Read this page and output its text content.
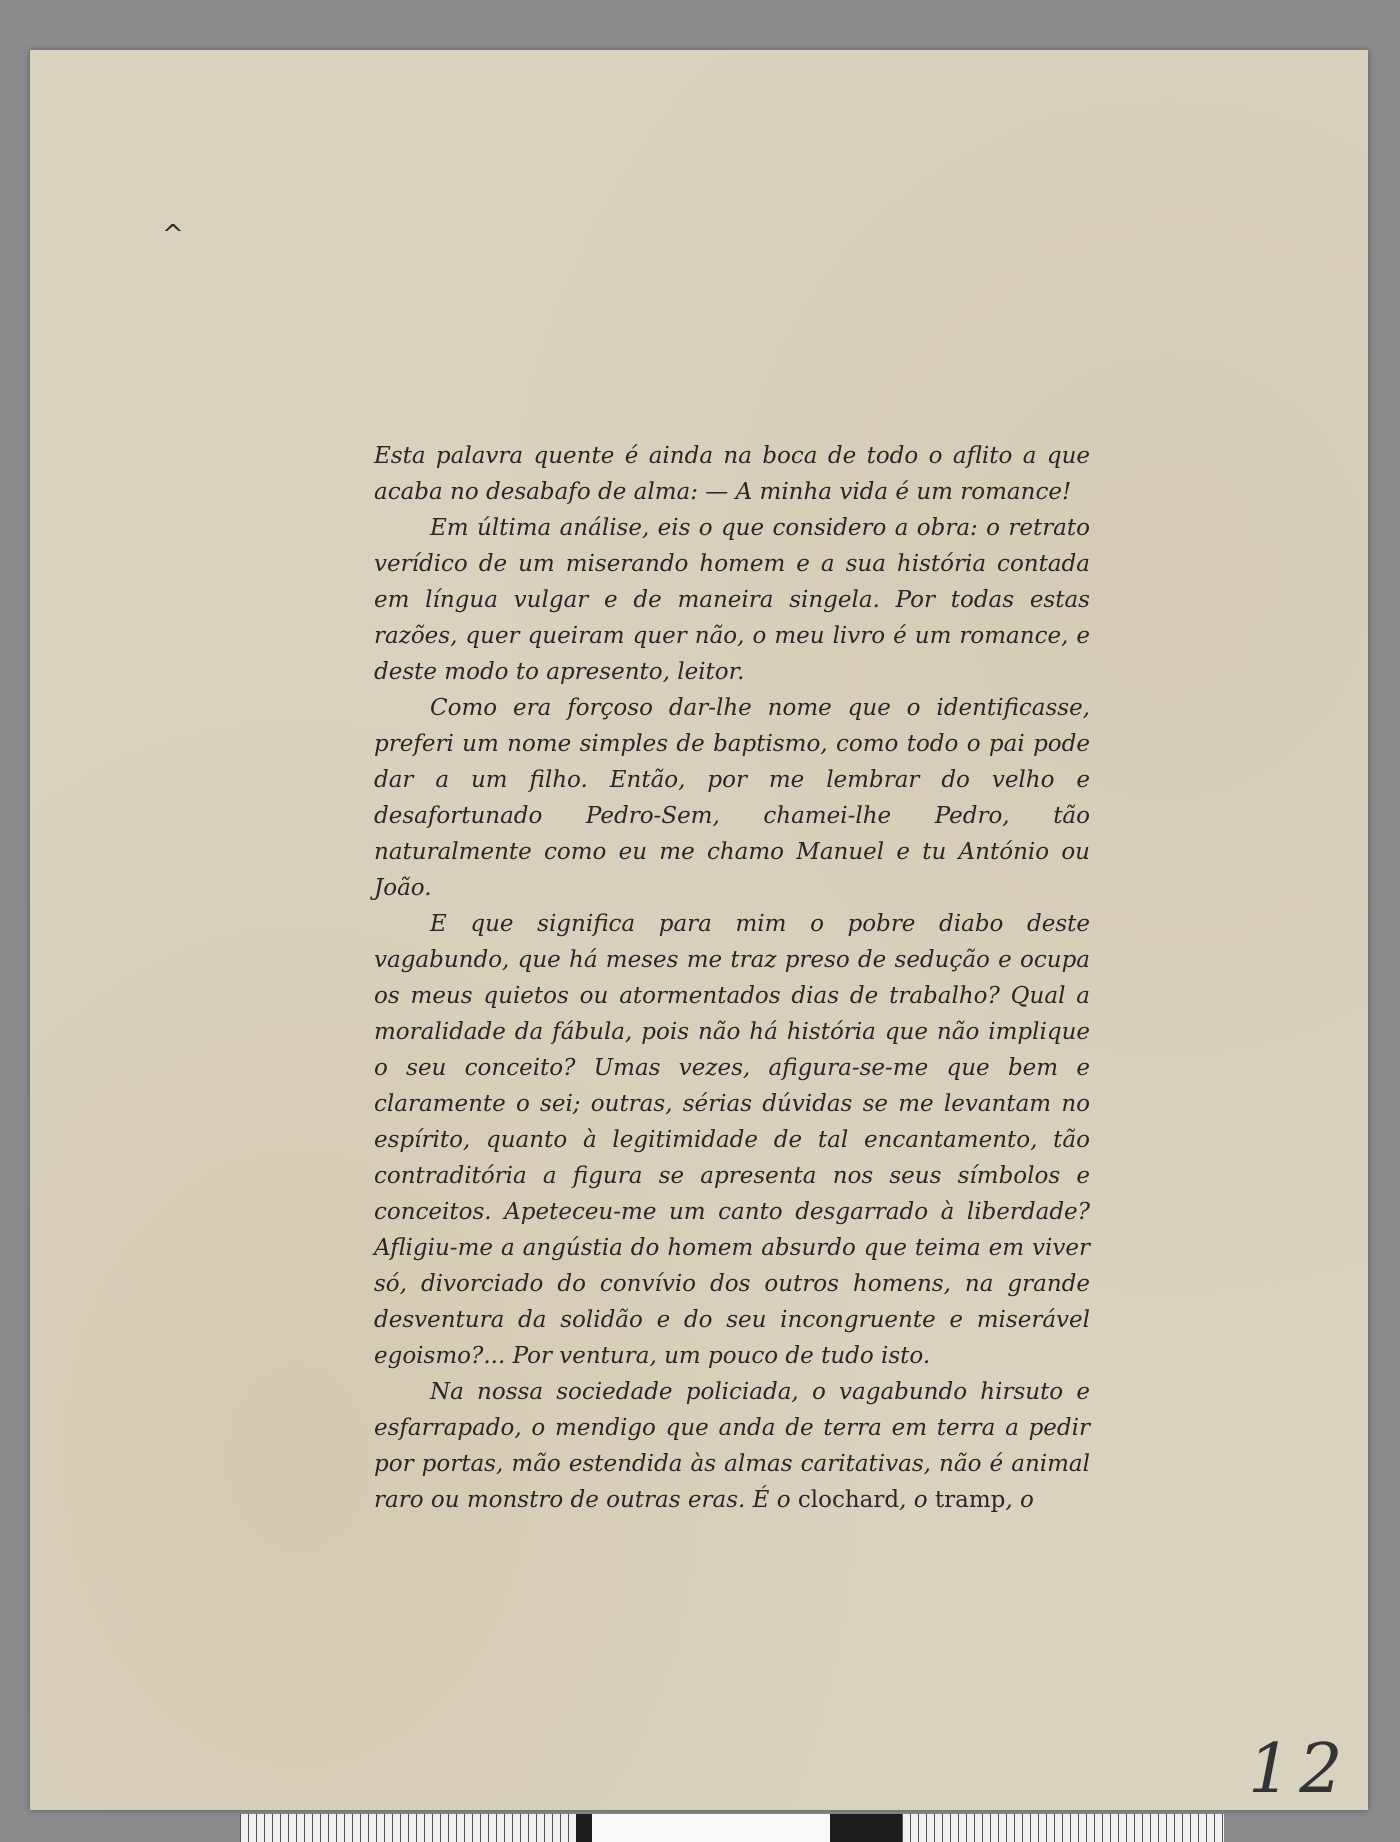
^

Esta palavra quente é ainda na boca de todo o aflito a que acaba no desabafo de alma: — A minha vida é um romance!

Em última análise, eis o que considero a obra: o retrato verídico de um miserando homem e a sua história contada em língua vulgar e de maneira singela. Por todas estas razões, quer queiram quer não, o meu livro é um romance, e deste modo to apresento, leitor.

Como era forçoso dar-lhe nome que o identificasse, preferi um nome simples de baptismo, como todo o pai pode dar a um filho. Então, por me lembrar do velho e desafortunado Pedro-Sem, chamei-lhe Pedro, tão naturalmente como eu me chamo Manuel e tu António ou João.

E que significa para mim o pobre diabo deste vagabundo, que há meses me traz preso de sedução e ocupa os meus quietos ou atormentados dias de trabalho? Qual a moralidade da fábula, pois não há história que não implique o seu conceito? Umas vezes, afigura-se-me que bem e claramente o sei; outras, sérias dúvidas se me levantam no espírito, quanto à legitimidade de tal encantamento, tão contraditória a figura se apresenta nos seus símbolos e conceitos. Apeteceu-me um canto desgarrado à liberdade? Afligiu-me a angústia do homem absurdo que teima em viver só, divorciado do convívio dos outros homens, na grande desventura da solidão e do seu incongruente e miserável egoismo?... Por ventura, um pouco de tudo isto.

Na nossa sociedade policiada, o vagabundo hirsuto e esfarrapado, o mendigo que anda de terra em terra a pedir por portas, mão estendida às almas caritativas, não é animal raro ou monstro de outras eras. É o clochard, o tramp, o

12
